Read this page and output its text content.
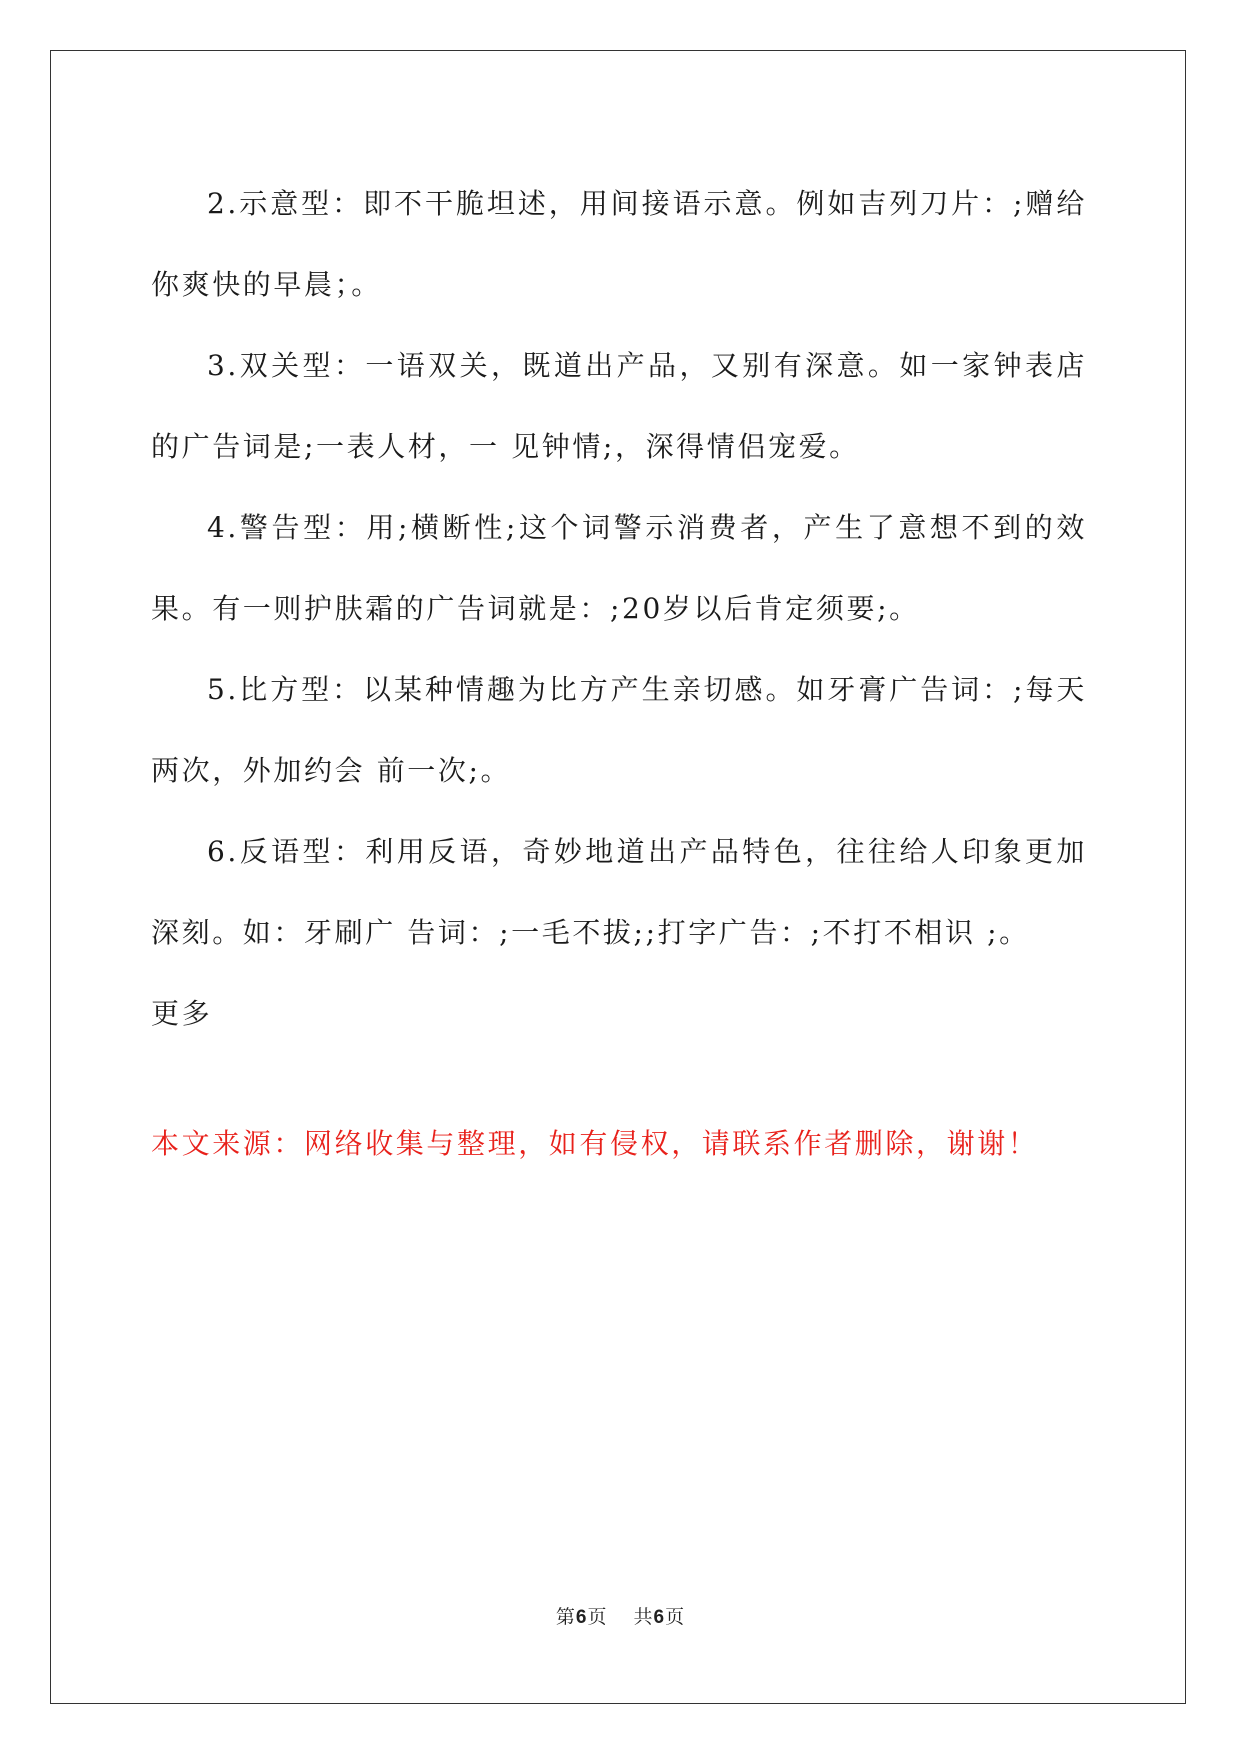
2.示意型：即不干脆坦述，用间接语示意。例如吉列刀片：;赠给你爽快的早晨；。

3.双关型：一语双关，既道出产品，又别有深意。如一家钟表店的广告词是;一表人材，一 见钟情;，深得情侣宠爱。

4.警告型：用;横断性;这个词警示消费者，产生了意想不到的效果。有一则护肤霜的广告词就是：;20岁以后肯定须要;。

5.比方型：以某种情趣为比方产生亲切感。如牙膏广告词：;每天两次，外加约会 前一次;。

6.反语型：利用反语，奇妙地道出产品特色，往往给人印象更加深刻。如：牙刷广 告词：;一毛不拔;;打字广告：;不打不相识 ;。

更多

本文来源：网络收集与整理，如有侵权，请联系作者删除，谢谢！

第6页 共6页
